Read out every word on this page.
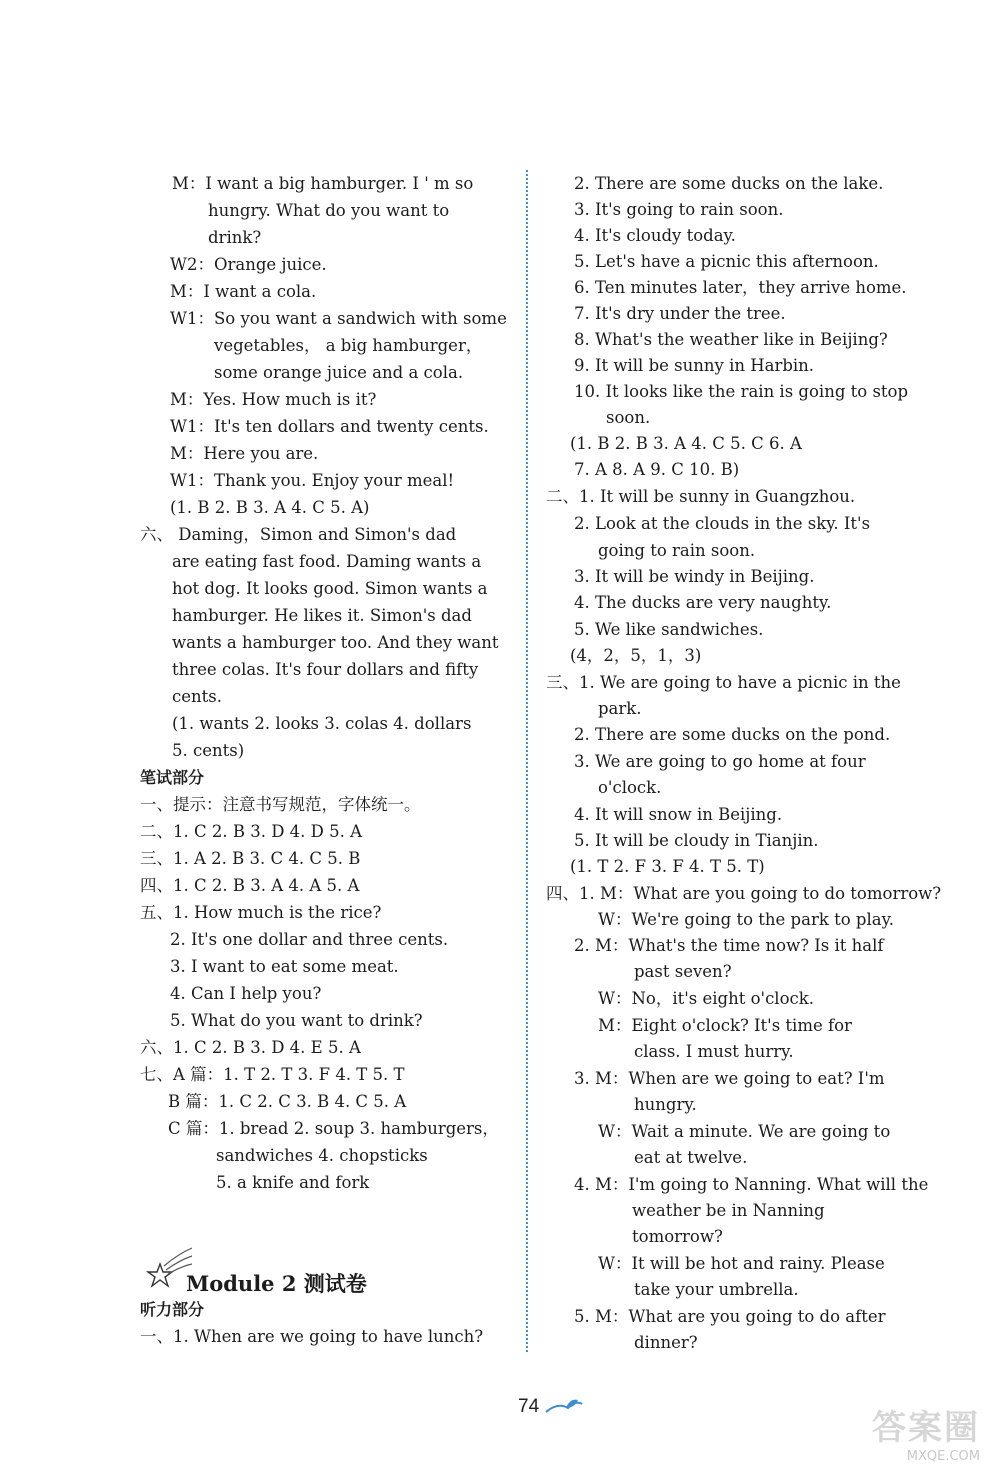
M：I want a big hamburger. I ' m so
hungry. What do you want to
drink?
W2：Orange juice.
M：I want a cola.
W1：So you want a sandwich with some
vegetables， a big hamburger，
some orange juice and a cola.
M：Yes. How much is it?
W1：It's ten dollars and twenty cents.
M：Here you are.
W1：Thank you. Enjoy your meal!
(1. B 2. B 3. A 4. C 5. A)
六、 Daming，Simon and Simon's dad
are eating fast food. Daming wants a
hot dog. It looks good. Simon wants a
hamburger. He likes it. Simon's dad
wants a hamburger too. And they want
three colas. It's four dollars and fifty
cents.
(1. wants 2. looks 3. colas 4. dollars
5. cents)
笔试部分
一、提示：注意书写规范，字体统一。
二、1. C 2. B 3. D 4. D 5. A
三、1. A 2. B 3. C 4. C 5. B
四、1. C 2. B 3. A 4. A 5. A
五、1. How much is the rice?
2. It's one dollar and three cents.
3. I want to eat some meat.
4. Can I help you?
5. What do you want to drink?
六、1. C 2. B 3. D 4. E 5. A
七、A 篇：1. T 2. T 3. F 4. T 5. T
B 篇：1. C 2. C 3. B 4. C 5. A
C 篇：1. bread 2. soup 3. hamburgers，
sandwiches 4. chopsticks
5. a knife and fork
听力部分
一、1. When are we going to have lunch?
2. There are some ducks on the lake.
3. It's going to rain soon.
4. It's cloudy today.
5. Let's have a picnic this afternoon.
6. Ten minutes later，they arrive home.
7. It's dry under the tree.
8. What's the weather like in Beijing?
9. It will be sunny in Harbin.
10. It looks like the rain is going to stop
soon.
(1. B 2. B 3. A 4. C 5. C 6. A
7. A 8. A 9. C 10. B)
二、1. It will be sunny in Guangzhou.
2. Look at the clouds in the sky. It's
going to rain soon.
3. It will be windy in Beijing.
4. The ducks are very naughty.
5. We like sandwiches.
(4，2，5，1，3)
三、1. We are going to have a picnic in the
park.
2. There are some ducks on the pond.
3. We are going to go home at four
o'clock.
4. It will snow in Beijing.
5. It will be cloudy in Tianjin.
(1. T 2. F 3. F 4. T 5. T)
四、1. M：What are you going to do tomorrow?
W：We're going to the park to play.
2. M：What's the time now? Is it half
past seven?
W：No，it's eight o'clock.
M：Eight o'clock? It's time for
class. I must hurry.
3. M：When are we going to eat? I'm
hungry.
W：Wait a minute. We are going to
eat at twelve.
4. M：I'm going to Nanning. What will the
weather be in Nanning
tomorrow?
W：It will be hot and rainy. Please
take your umbrella.
5. M：What are you going to do after
dinner?
Module 2 测试卷
74
答案圈
MXQE.COM
